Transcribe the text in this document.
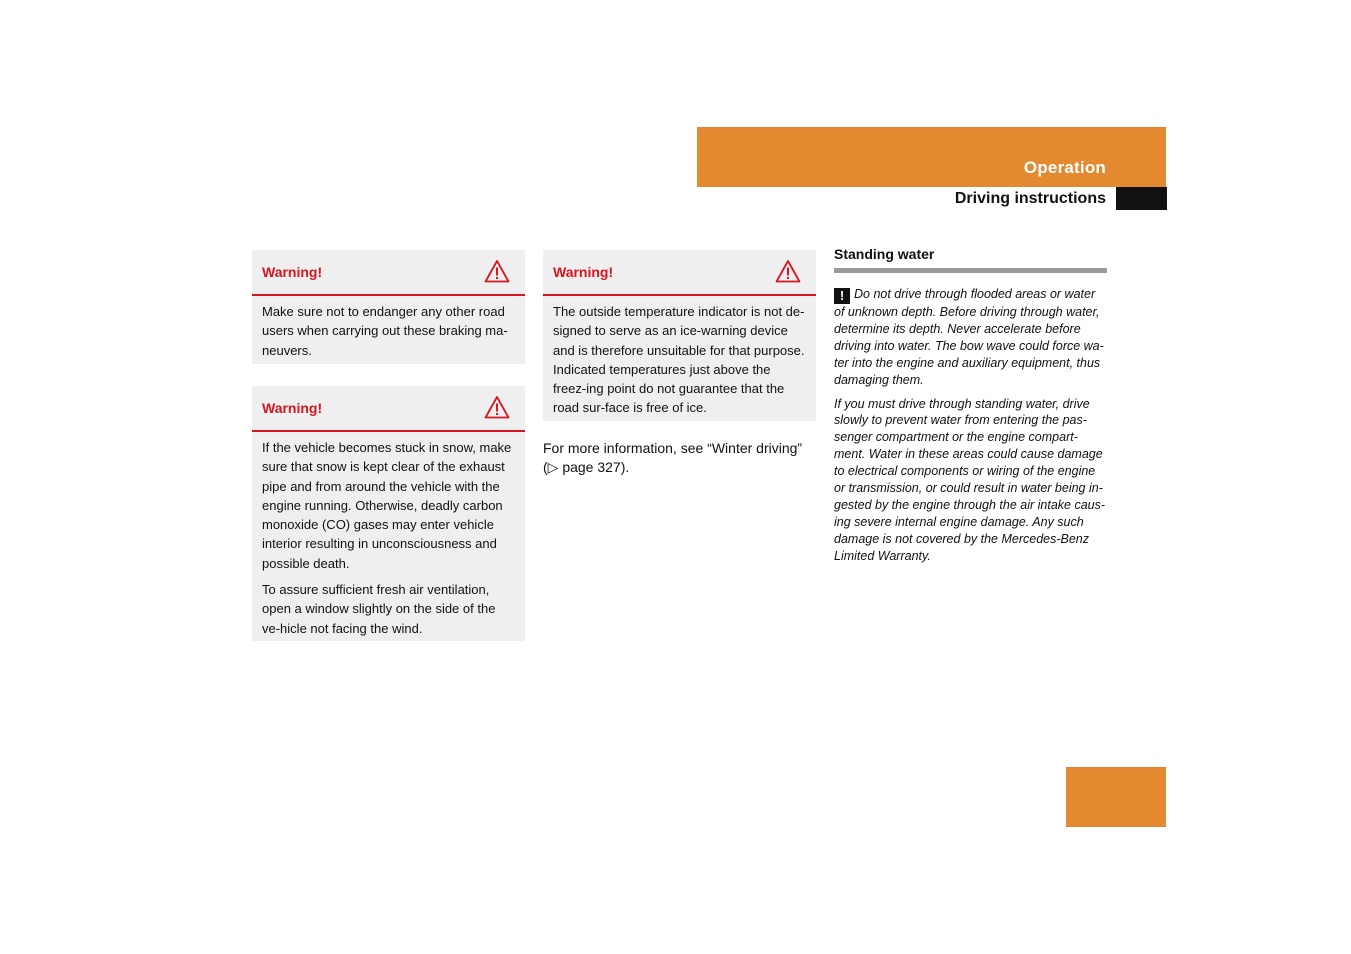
Operation
Driving instructions
Warning!

Make sure not to endanger any other road users when carrying out these braking ma-neuvers.

Warning!

If the vehicle becomes stuck in snow, make sure that snow is kept clear of the exhaust pipe and from around the vehicle with the engine running. Otherwise, deadly carbon monoxide (CO) gases may enter vehicle interior resulting in unconsciousness and possible death.

To assure sufficient fresh air ventilation, open a window slightly on the side of the ve-hicle not facing the wind.

Warning!

The outside temperature indicator is not de-signed to serve as an ice-warning device and is therefore unsuitable for that purpose. Indicated temperatures just above the freez-ing point do not guarantee that the road sur-face is free of ice.

For more information, see “Winter driving” (▷ page 327).
Standing water

! Do not drive through flooded areas or water of unknown depth. Before driving through water, determine its depth. Never accelerate before driving into water. The bow wave could force wa-ter into the engine and auxiliary equipment, thus damaging them.

If you must drive through standing water, drive slowly to prevent water from entering the pas-senger compartment or the engine compart-ment. Water in these areas could cause damage to electrical components or wiring of the engine or transmission, or could result in water being in-gested by the engine through the air intake caus-ing severe internal engine damage. Any such damage is not covered by the Mercedes-Benz Limited Warranty.

279
